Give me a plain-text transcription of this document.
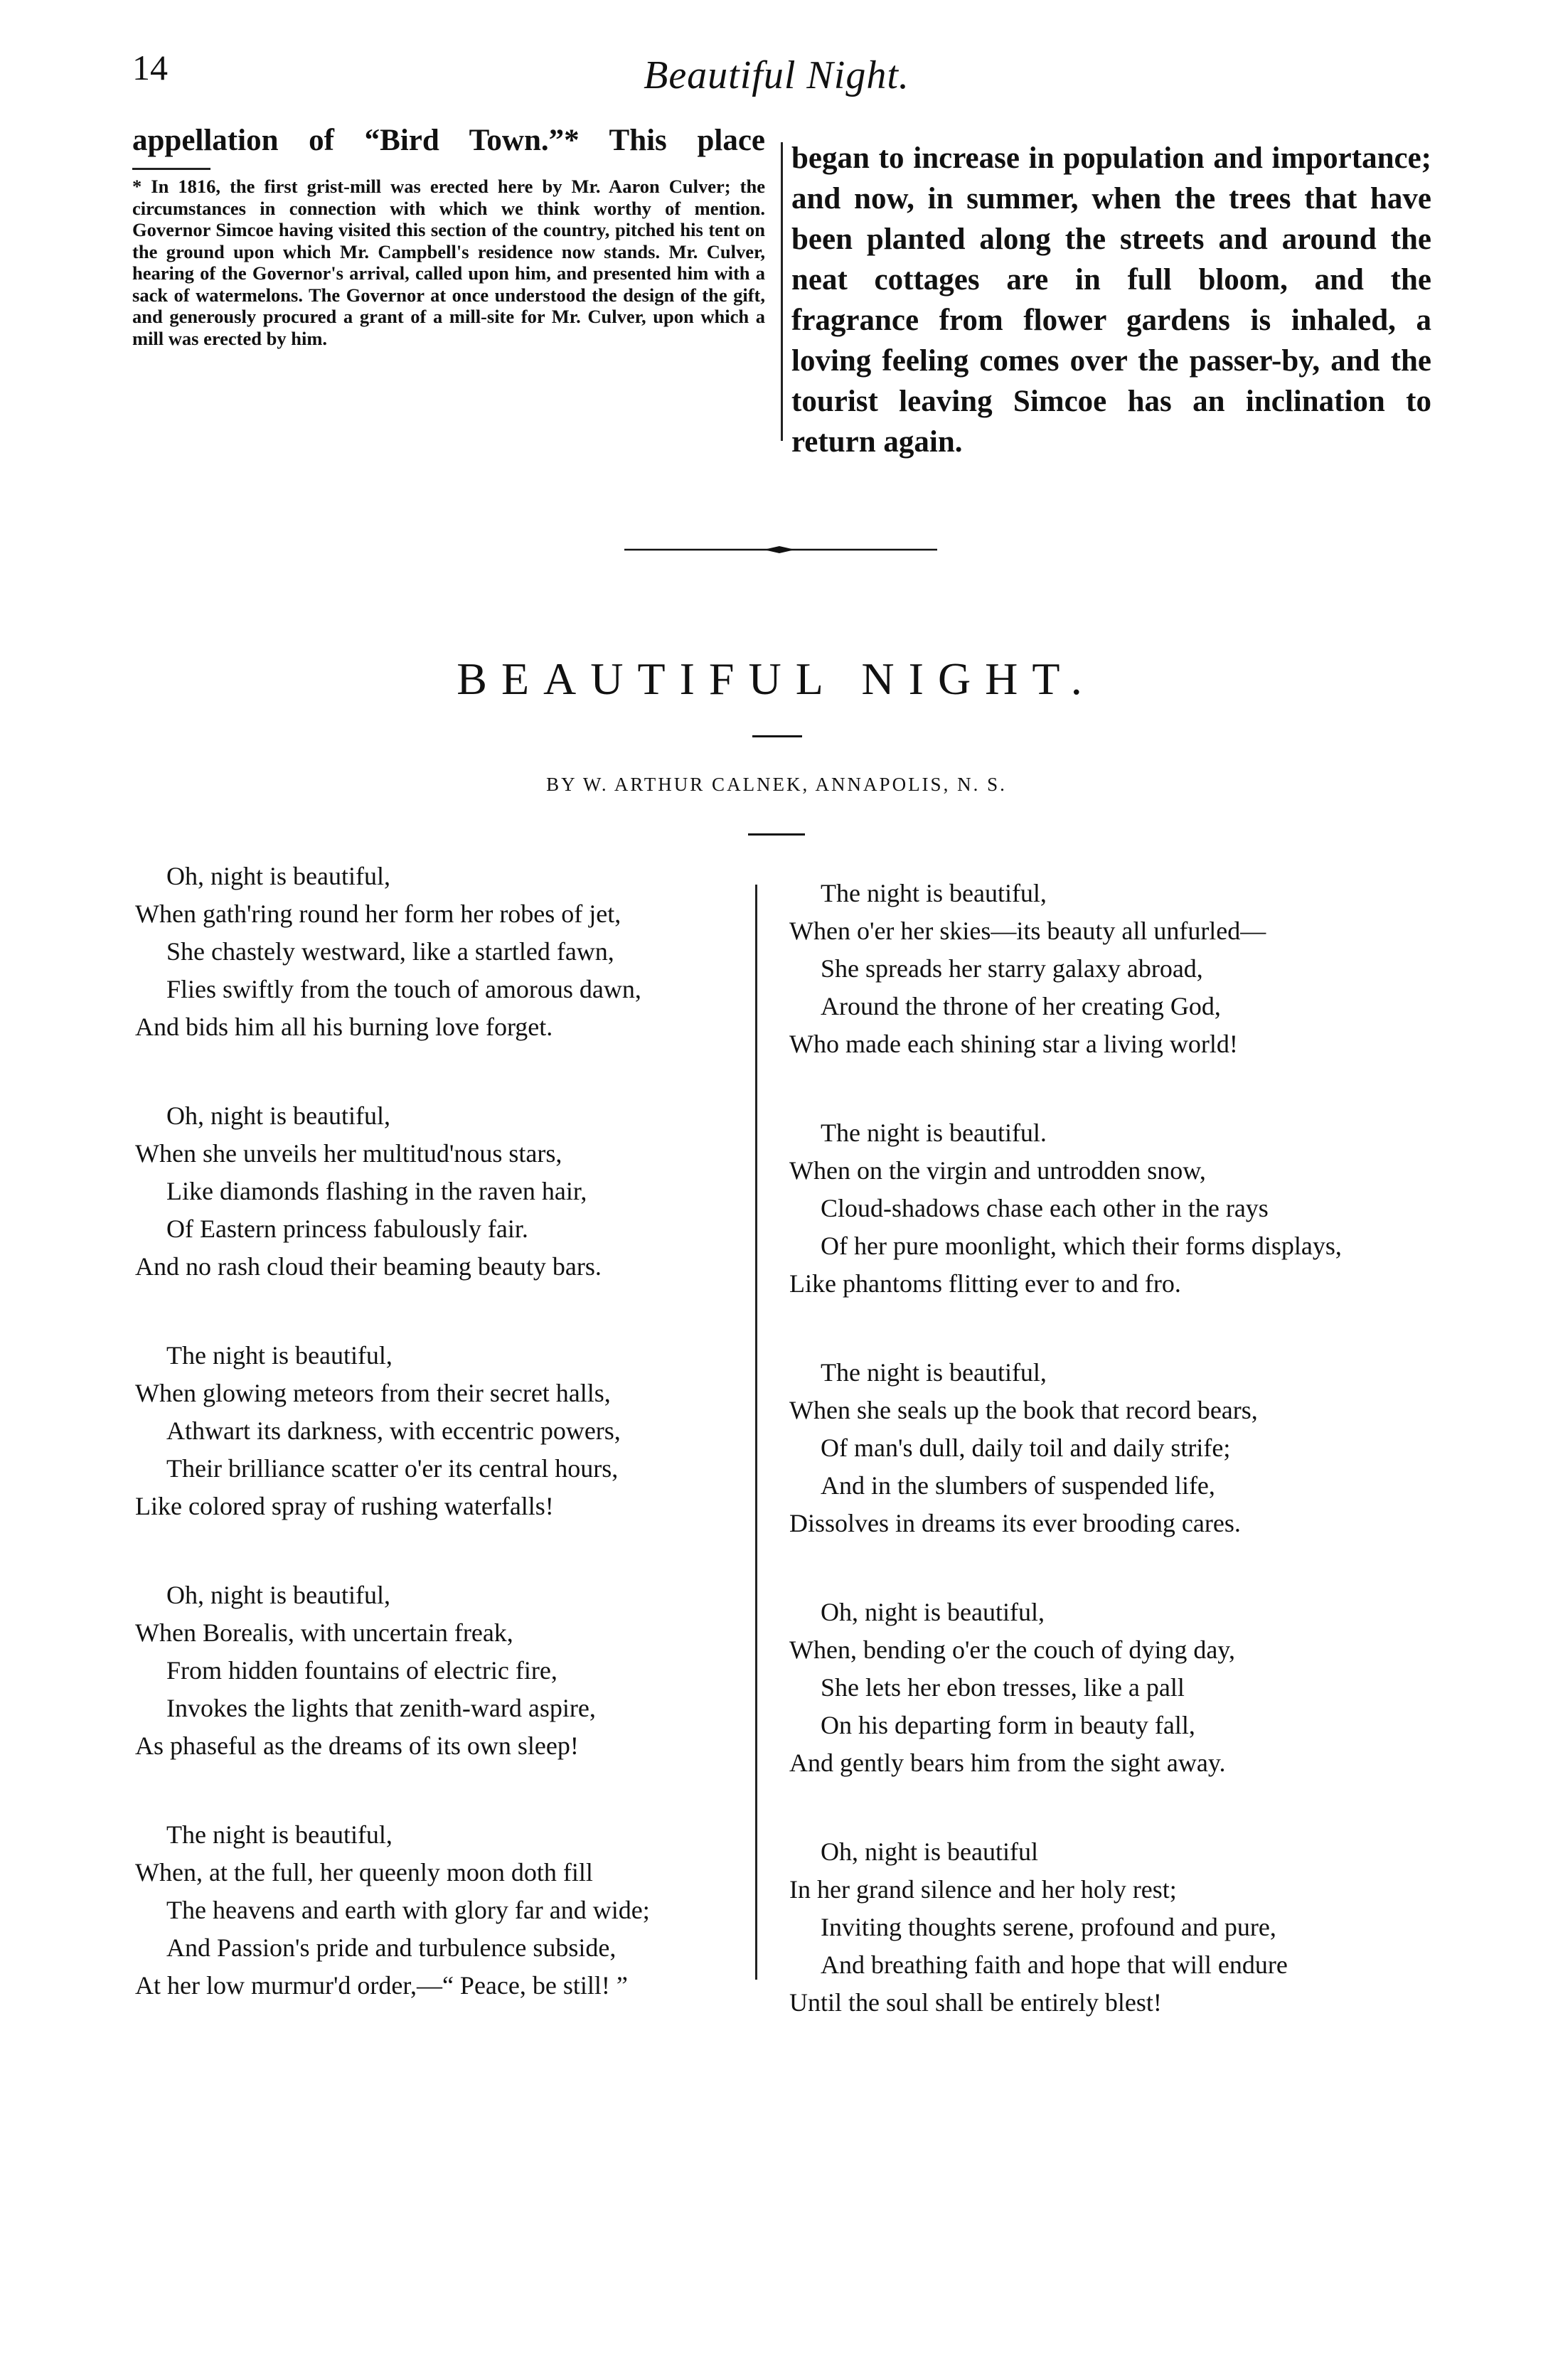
14	Beautiful Night.
appellation of “Bird Town.”* This place
* In 1816, the first grist-mill was erected here by Mr. Aaron Culver; the circumstances in connection with which we think worthy of mention. Governor Simcoe having visited this section of the country, pitched his tent on the ground upon which Mr. Campbell's residence now stands. Mr. Culver, hearing of the Governor's arrival, called upon him, and presented him with a sack of watermelons. The Governor at once understood the design of the gift, and generously procured a grant of a mill-site for Mr. Culver, upon which a mill was erected by him.
began to increase in population and importance; and now, in summer, when the trees that have been planted along the streets and around the neat cottages are in full bloom, and the fragrance from flower gardens is inhaled, a loving feeling comes over the passer-by, and the tourist leaving Simcoe has an inclination to return again.
BEAUTIFUL NIGHT.
BY W. ARTHUR CALNEK, ANNAPOLIS, N. S.
Oh, night is beautiful,
When gath'ring round her form her robes of jet,
She chastely westward, like a startled fawn,
Flies swiftly from the touch of amorous dawn,
And bids him all his burning love forget.
Oh, night is beautiful,
When she unveils her multitud'nous stars,
Like diamonds flashing in the raven hair,
Of Eastern princess fabulously fair.
And no rash cloud their beaming beauty bars.
The night is beautiful,
When glowing meteors from their secret halls,
Athwart its darkness, with eccentric powers,
Their brilliance scatter o'er its central hours,
Like colored spray of rushing waterfalls!
Oh, night is beautiful,
When Borealis, with uncertain freak,
From hidden fountains of electric fire,
Invokes the lights that zenith-ward aspire,
As phaseful as the dreams of its own sleep!
The night is beautiful,
When, at the full, her queenly moon doth fill
The heavens and earth with glory far and wide;
And Passion's pride and turbulence subside,
At her low murmur'd order,—“ Peace, be still! ”
The night is beautiful,
When o'er her skies—its beauty all unfurled—
She spreads her starry galaxy abroad,
Around the throne of her creating God,
Who made each shining star a living world!
The night is beautiful.
When on the virgin and untrodden snow,
Cloud-shadows chase each other in the rays
Of her pure moonlight, which their forms displays,
Like phantoms flitting ever to and fro.
The night is beautiful,
When she seals up the book that record bears,
Of man's dull, daily toil and daily strife;
And in the slumbers of suspended life,
Dissolves in dreams its ever brooding cares.
Oh, night is beautiful,
When, bending o'er the couch of dying day,
She lets her ebon tresses, like a pall
On his departing form in beauty fall,
And gently bears him from the sight away.
Oh, night is beautiful
In her grand silence and her holy rest;
Inviting thoughts serene, profound and pure,
And breathing faith and hope that will endure
Until the soul shall be entirely blest!
